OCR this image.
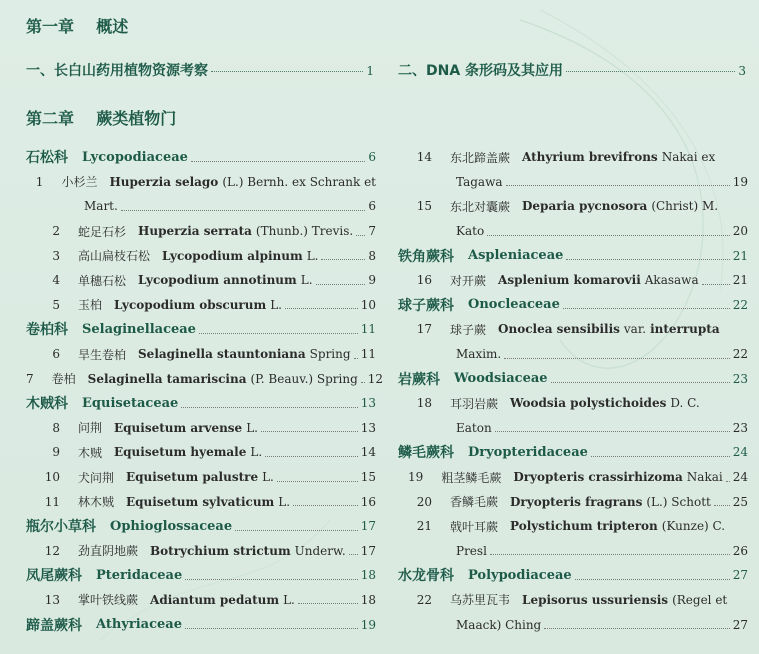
第一章    概述
一、长白山药用植物资源考察	1 二、DNA 条形码及其应用	3
第二章    蕨类植物门
石松科 Lycopodiaceae	6
1 小杉兰 Huperzia selago (L.) Bernh. ex Schrank et
Mart.	6
2 蛇足石杉 Huperzia serrata (Thunb.) Trevis. 7
3 高山扁枝石松 Lycopodium alpinum L.	8
4 单穗石松 Lycopodium annotinum L.	9
5 玉柏 Lycopodium obscurum L.	10
卷柏科 Selaginellaceae	11
6 旱生卷柏 Selaginella stauntoniana Spring 11
7 卷柏 Selaginella tamariscina (P. Beauv.) Spring 12
木贼科 Equisetaceae	13
8 问荆 Equisetum arvense L.	13
9 木贼 Equisetum hyemale L.	14
10 犬问荆 Equisetum palustre L.	15
11 林木贼 Equisetum sylvaticum L.	16
瓶尔小草科 Ophioglossaceae	17
12 劲直阴地蕨 Botrychium strictum Underw. 17
凤尾蕨科 Pteridaceae	18
13 掌叶铁线蕨 Adiantum pedatum L.	18
蹄盖蕨科 Athyriaceae	19
14 东北蹄盖蕨 Athyrium brevifrons Nakai ex
Tagawa	19
15 东北对囊蕨 Deparia pycnosora (Christ) M.
Kato	20
铁角蕨科 Aspleniaceae	21
16 对开蕨 Asplenium komarovii Akasawa	21
球子蕨科 Onocleaceae	22
17 球子蕨 Onoclea sensibilis var. interrupta
Maxim.	22
岩蕨科 Woodsiaceae	23
18 耳羽岩蕨 Woodsia polystichoides D. C.
Eaton	23
鳞毛蕨科 Dryopteridaceae	24
19 粗茎鳞毛蕨 Dryopteris crassirhizoma Nakai 24
20 香鳞毛蕨 Dryopteris fragrans (L.) Schott 25
21 戟叶耳蕨 Polystichum tripteron (Kunze) C.
Presl	26
水龙骨科 Polypodiaceae	27
22 乌苏里瓦韦 Lepisorus ussuriensis (Regel et
Maack) Ching	27
